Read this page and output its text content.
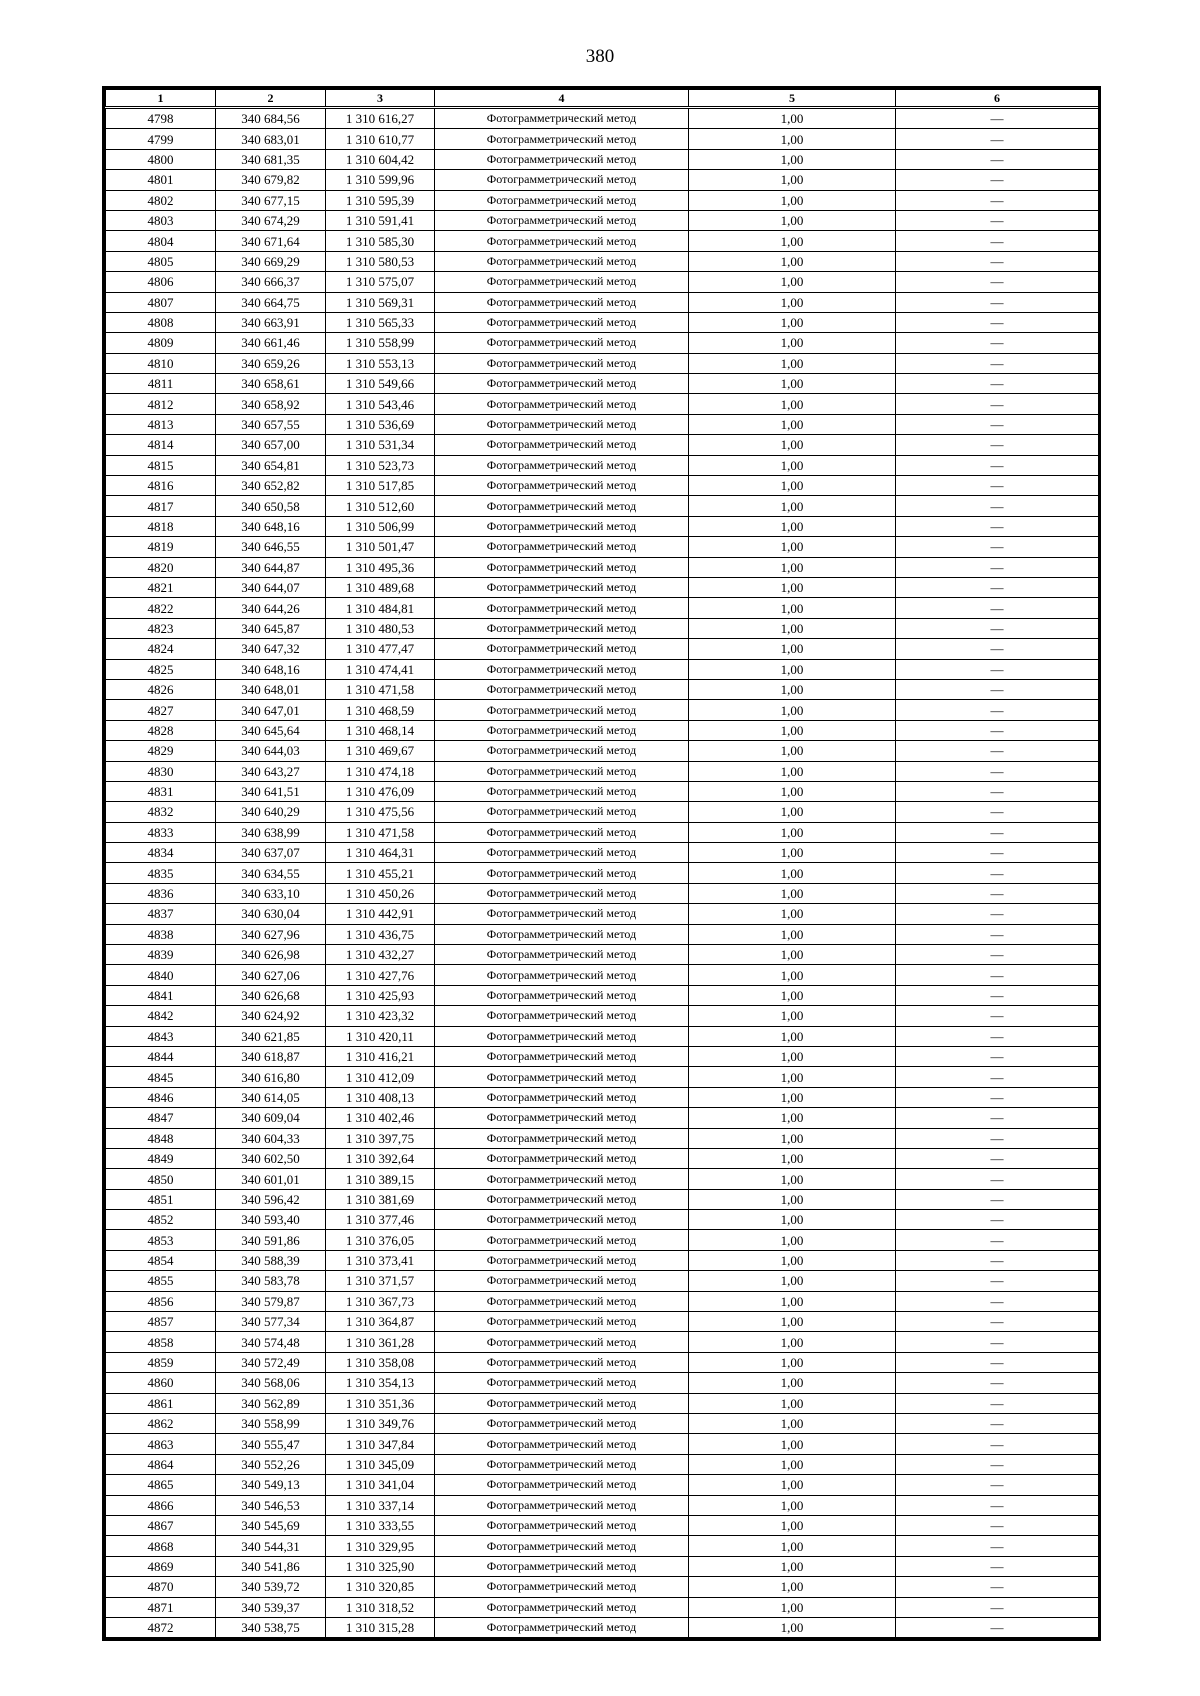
380
1	2	3	4	5	6
4798	340 684,56	1 310 616,27	Фотограмметрический метод	1,00	—
4799	340 683,01	1 310 610,77	Фотограмметрический метод	1,00	—
4800	340 681,35	1 310 604,42	Фотограмметрический метод	1,00	—
4801	340 679,82	1 310 599,96	Фотограмметрический метод	1,00	—
4802	340 677,15	1 310 595,39	Фотограмметрический метод	1,00	—
4803	340 674,29	1 310 591,41	Фотограмметрический метод	1,00	—
4804	340 671,64	1 310 585,30	Фотограмметрический метод	1,00	—
4805	340 669,29	1 310 580,53	Фотограмметрический метод	1,00	—
4806	340 666,37	1 310 575,07	Фотограмметрический метод	1,00	—
4807	340 664,75	1 310 569,31	Фотограмметрический метод	1,00	—
4808	340 663,91	1 310 565,33	Фотограмметрический метод	1,00	—
4809	340 661,46	1 310 558,99	Фотограмметрический метод	1,00	—
4810	340 659,26	1 310 553,13	Фотограмметрический метод	1,00	—
4811	340 658,61	1 310 549,66	Фотограмметрический метод	1,00	—
4812	340 658,92	1 310 543,46	Фотограмметрический метод	1,00	—
4813	340 657,55	1 310 536,69	Фотограмметрический метод	1,00	—
4814	340 657,00	1 310 531,34	Фотограмметрический метод	1,00	—
4815	340 654,81	1 310 523,73	Фотограмметрический метод	1,00	—
4816	340 652,82	1 310 517,85	Фотограмметрический метод	1,00	—
4817	340 650,58	1 310 512,60	Фотограмметрический метод	1,00	—
4818	340 648,16	1 310 506,99	Фотограмметрический метод	1,00	—
4819	340 646,55	1 310 501,47	Фотограмметрический метод	1,00	—
4820	340 644,87	1 310 495,36	Фотограмметрический метод	1,00	—
4821	340 644,07	1 310 489,68	Фотограмметрический метод	1,00	—
4822	340 644,26	1 310 484,81	Фотограмметрический метод	1,00	—
4823	340 645,87	1 310 480,53	Фотограмметрический метод	1,00	—
4824	340 647,32	1 310 477,47	Фотограмметрический метод	1,00	—
4825	340 648,16	1 310 474,41	Фотограмметрический метод	1,00	—
4826	340 648,01	1 310 471,58	Фотограмметрический метод	1,00	—
4827	340 647,01	1 310 468,59	Фотограмметрический метод	1,00	—
4828	340 645,64	1 310 468,14	Фотограмметрический метод	1,00	—
4829	340 644,03	1 310 469,67	Фотограмметрический метод	1,00	—
4830	340 643,27	1 310 474,18	Фотограмметрический метод	1,00	—
4831	340 641,51	1 310 476,09	Фотограмметрический метод	1,00	—
4832	340 640,29	1 310 475,56	Фотограмметрический метод	1,00	—
4833	340 638,99	1 310 471,58	Фотограмметрический метод	1,00	—
4834	340 637,07	1 310 464,31	Фотограмметрический метод	1,00	—
4835	340 634,55	1 310 455,21	Фотограмметрический метод	1,00	—
4836	340 633,10	1 310 450,26	Фотограмметрический метод	1,00	—
4837	340 630,04	1 310 442,91	Фотограмметрический метод	1,00	—
4838	340 627,96	1 310 436,75	Фотограмметрический метод	1,00	—
4839	340 626,98	1 310 432,27	Фотограмметрический метод	1,00	—
4840	340 627,06	1 310 427,76	Фотограмметрический метод	1,00	—
4841	340 626,68	1 310 425,93	Фотограмметрический метод	1,00	—
4842	340 624,92	1 310 423,32	Фотограмметрический метод	1,00	—
4843	340 621,85	1 310 420,11	Фотограмметрический метод	1,00	—
4844	340 618,87	1 310 416,21	Фотограмметрический метод	1,00	—
4845	340 616,80	1 310 412,09	Фотограмметрический метод	1,00	—
4846	340 614,05	1 310 408,13	Фотограмметрический метод	1,00	—
4847	340 609,04	1 310 402,46	Фотограмметрический метод	1,00	—
4848	340 604,33	1 310 397,75	Фотограмметрический метод	1,00	—
4849	340 602,50	1 310 392,64	Фотограмметрический метод	1,00	—
4850	340 601,01	1 310 389,15	Фотограмметрический метод	1,00	—
4851	340 596,42	1 310 381,69	Фотограмметрический метод	1,00	—
4852	340 593,40	1 310 377,46	Фотограмметрический метод	1,00	—
4853	340 591,86	1 310 376,05	Фотограмметрический метод	1,00	—
4854	340 588,39	1 310 373,41	Фотограмметрический метод	1,00	—
4855	340 583,78	1 310 371,57	Фотограмметрический метод	1,00	—
4856	340 579,87	1 310 367,73	Фотограмметрический метод	1,00	—
4857	340 577,34	1 310 364,87	Фотограмметрический метод	1,00	—
4858	340 574,48	1 310 361,28	Фотограмметрический метод	1,00	—
4859	340 572,49	1 310 358,08	Фотограмметрический метод	1,00	—
4860	340 568,06	1 310 354,13	Фотограмметрический метод	1,00	—
4861	340 562,89	1 310 351,36	Фотограмметрический метод	1,00	—
4862	340 558,99	1 310 349,76	Фотограмметрический метод	1,00	—
4863	340 555,47	1 310 347,84	Фотограмметрический метод	1,00	—
4864	340 552,26	1 310 345,09	Фотограмметрический метод	1,00	—
4865	340 549,13	1 310 341,04	Фотограмметрический метод	1,00	—
4866	340 546,53	1 310 337,14	Фотограмметрический метод	1,00	—
4867	340 545,69	1 310 333,55	Фотограмметрический метод	1,00	—
4868	340 544,31	1 310 329,95	Фотограмметрический метод	1,00	—
4869	340 541,86	1 310 325,90	Фотограмметрический метод	1,00	—
4870	340 539,72	1 310 320,85	Фотограмметрический метод	1,00	—
4871	340 539,37	1 310 318,52	Фотограмметрический метод	1,00	—
4872	340 538,75	1 310 315,28	Фотограмметрический метод	1,00	—
